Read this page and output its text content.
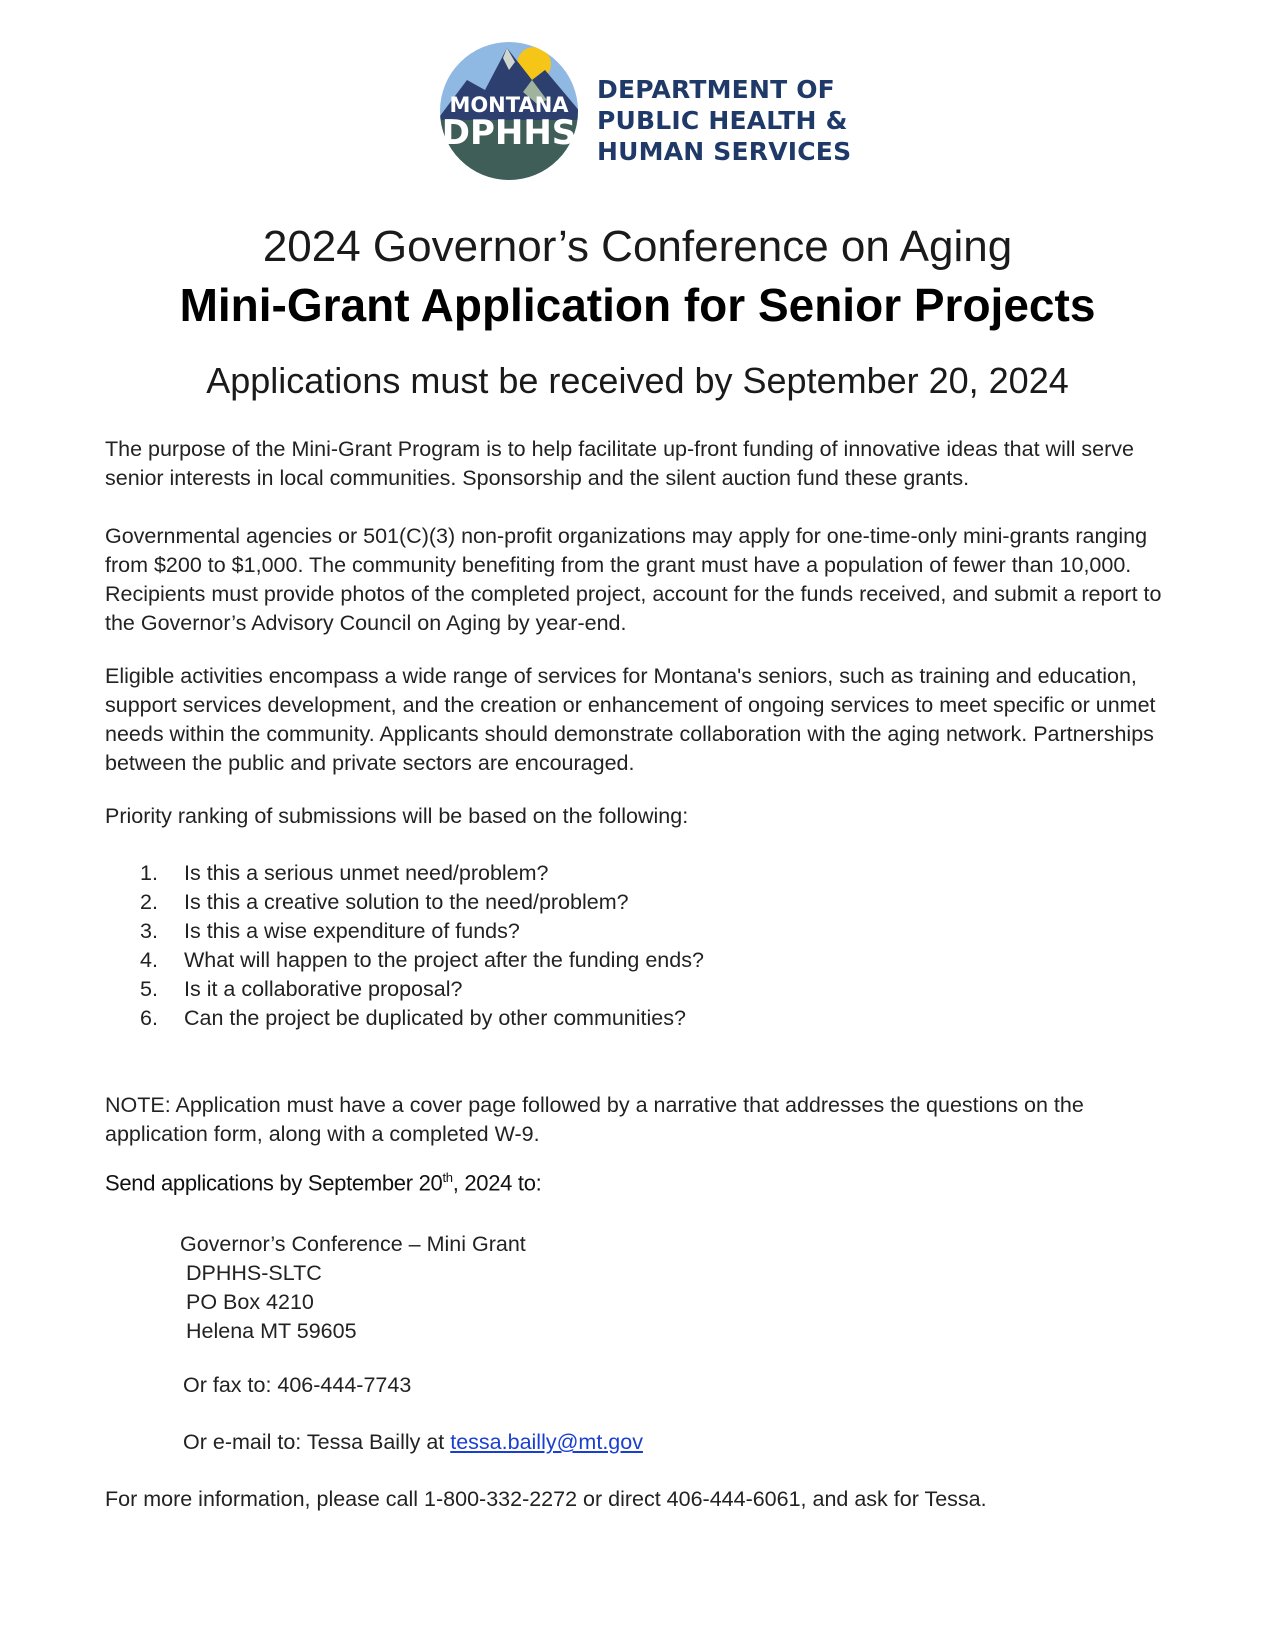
MONTANA
DPHHS
DEPARTMENT OF
PUBLIC HEALTH &
HUMAN SERVICES
2024 Governor’s Conference on Aging
Mini-Grant Application for Senior Projects

Applications must be received by September 20, 2024

The purpose of the Mini-Grant Program is to help facilitate up-front funding of innovative ideas that will serve senior interests in local communities. Sponsorship and the silent auction fund these grants.

Governmental agencies or 501(C)(3) non-profit organizations may apply for one-time-only mini-grants ranging from $200 to $1,000. The community benefiting from the grant must have a population of fewer than 10,000. Recipients must provide photos of the completed project, account for the funds received, and submit a report to the Governor’s Advisory Council on Aging by year-end.

Eligible activities encompass a wide range of services for Montana's seniors, such as training and education, support services development, and the creation or enhancement of ongoing services to meet specific or unmet needs within the community. Applicants should demonstrate collaboration with the aging network. Partnerships between the public and private sectors are encouraged.

Priority ranking of submissions will be based on the following:

1. Is this a serious unmet need/problem?
2. Is this a creative solution to the need/problem?
3. Is this a wise expenditure of funds?
4. What will happen to the project after the funding ends?
5. Is it a collaborative proposal?
6. Can the project be duplicated by other communities?

NOTE: Application must have a cover page followed by a narrative that addresses the questions on the application form, along with a completed W-9.

Send applications by September 20th, 2024 to:

Governor’s Conference – Mini Grant
DPHHS-SLTC
PO Box 4210
Helena MT 59605
Or fax to: 406-444-7743
Or e-mail to: Tessa Bailly at tessa.bailly@mt.gov
For more information, please call 1-800-332-2272 or direct 406-444-6061, and ask for Tessa.
